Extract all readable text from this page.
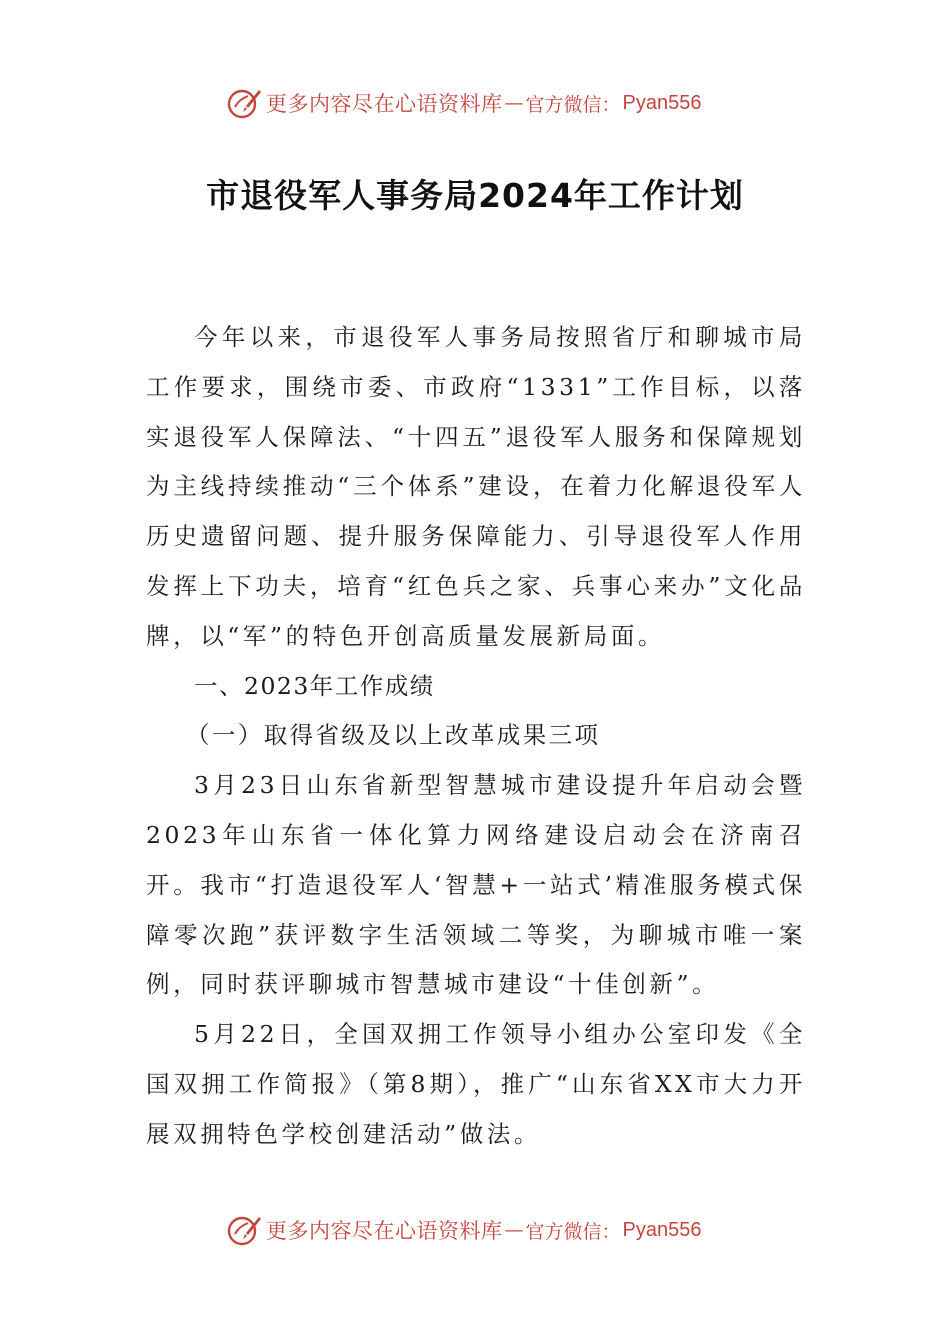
更多内容尽在心语资料库 — 官方微信： Pyan556
市退役军人事务局2024年工作计划

今年以来，市退役军人事务局按照省厅和聊城市局工作要求，围绕市委、市政府“1331”工作目标，以落实退役军人保障法、“十四五”退役军人服务和保障规划为主线持续推动“三个体系”建设，在着力化解退役军人历史遗留问题、提升服务保障能力、引导退役军人作用发挥上下功夫，培育“红色兵之家、兵事心来办”文化品牌，以“军”的特色开创高质量发展新局面。

一、2023年工作成绩

（一）取得省级及以上改革成果三项

3月23日山东省新型智慧城市建设提升年启动会暨2023年山东省一体化算力网络建设启动会在济南召开。我市“打造退役军人‘智慧+一站式’精准服务模式保障零次跑”获评数字生活领域二等奖，为聊城市唯一案例，同时获评聊城市智慧城市建设“十佳创新”。

5月22日，全国双拥工作领导小组办公室印发《全国双拥工作简报》（第8期），推广“山东省XX市大力开展双拥特色学校创建活动”做法。

更多内容尽在心语资料库 — 官方微信： Pyan556
